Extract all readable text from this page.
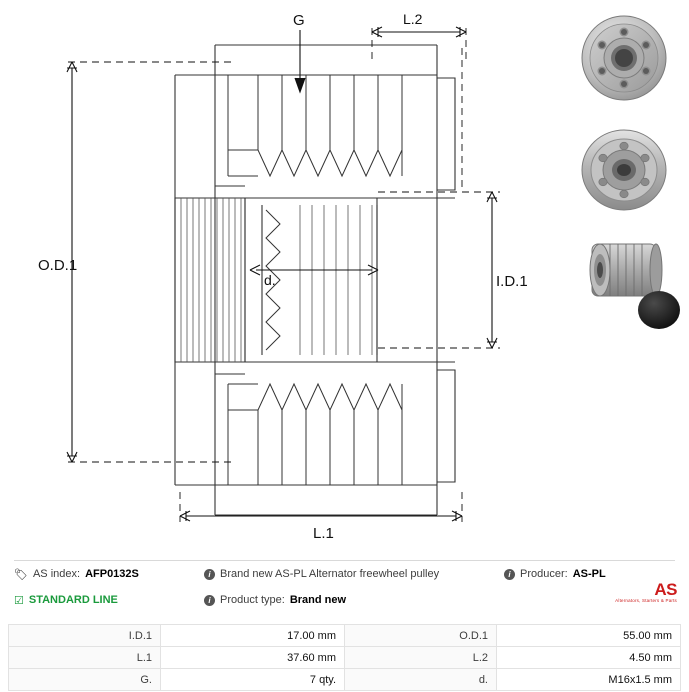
O.D.1
I.D.1
L.1
L.2
d.
G
🏷 AS index: AFP0132S	i Brand new AS-PL Alternator freewheel pulley	i Producer: AS-PL
☑ STANDARD LINE	i Product type: Brand new
AS
Alternators, Starters & Parts
I.D.1	17.00 mm	O.D.1	55.00 mm
L.1	37.60 mm	L.2	4.50 mm
G.	7 qty.	d.	M16x1.5 mm
